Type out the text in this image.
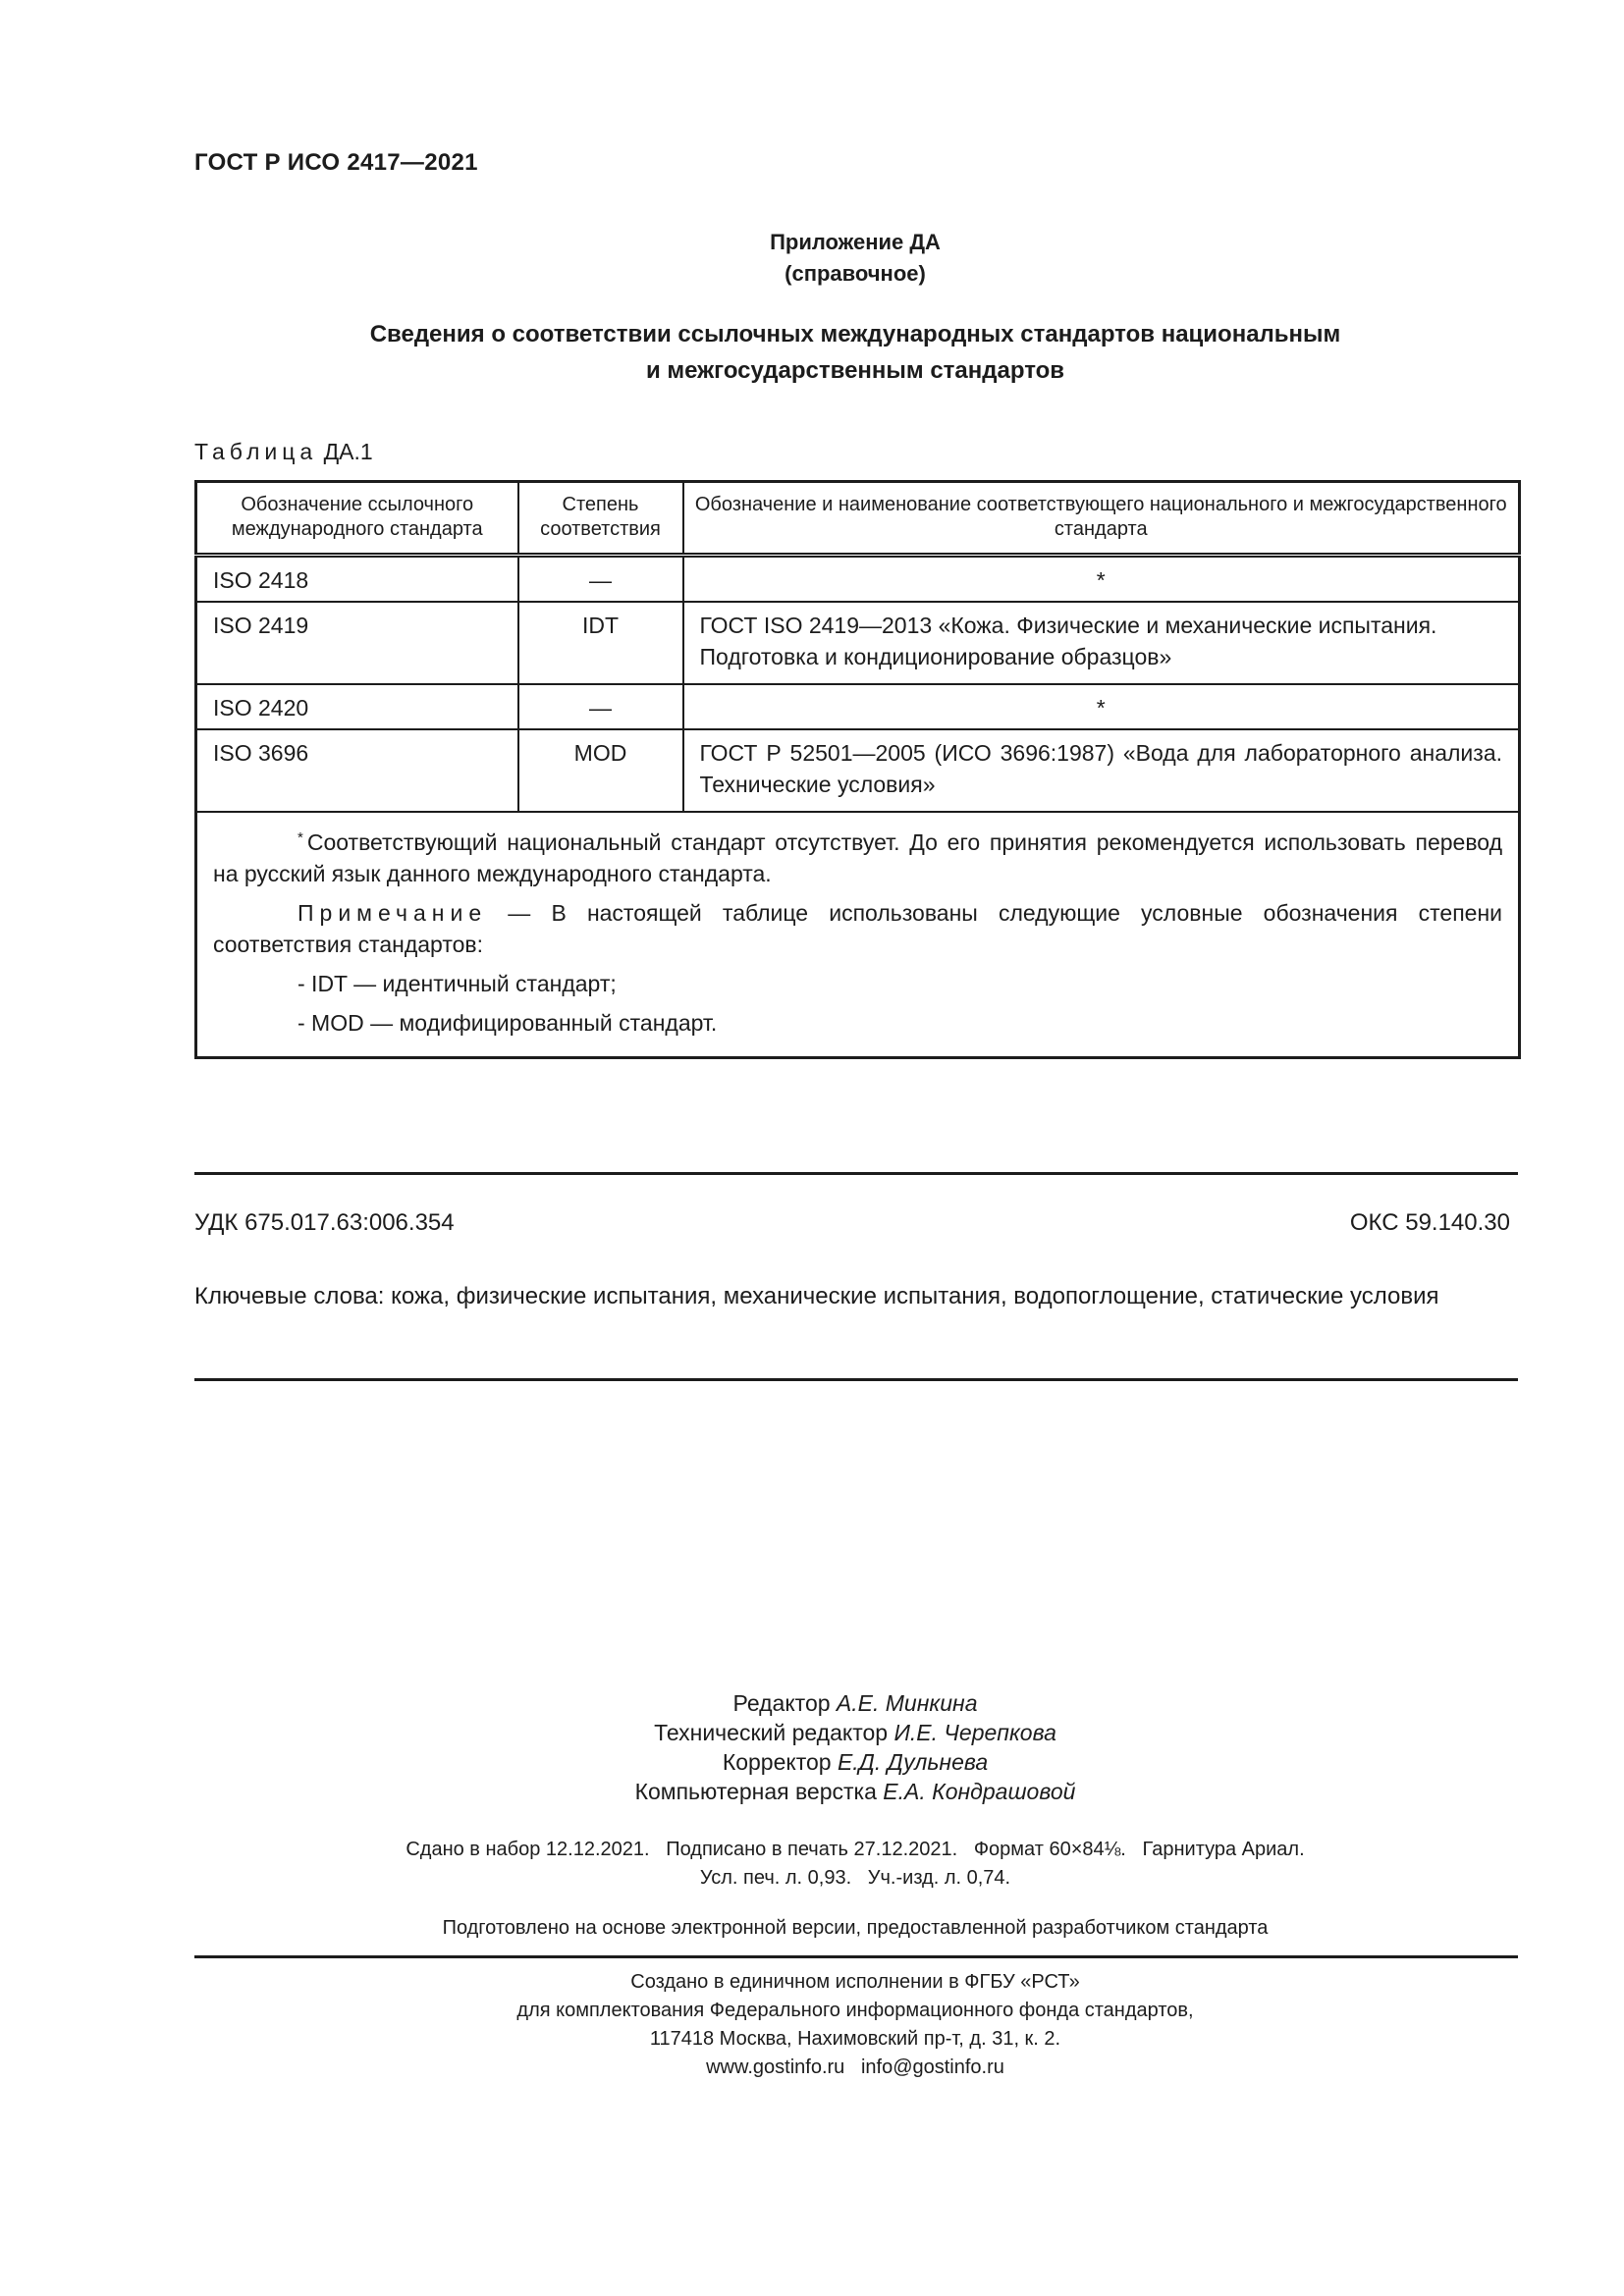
ГОСТ Р ИСО 2417—2021
Приложение ДА
(справочное)
Сведения о соответствии ссылочных международных стандартов национальным
и межгосударственным стандартов
Таблица ДА.1
Обозначение ссылочного международного стандарта	Степень соответствия	Обозначение и наименование соответствующего национального и межгосударственного стандарта
ISO 2418	—	*
ISO 2419	IDT	ГОСТ ISO 2419—2013 «Кожа. Физические и механические испытания. Подготовка и кондиционирование образцов»
ISO 2420	—	*
ISO 3696	MOD	ГОСТ Р 52501—2005 (ИСО 3696:1987) «Вода для лабораторного анализа. Технические условия»

* Соответствующий национальный стандарт отсутствует. До его принятия рекомендуется использовать перевод на русский язык данного международного стандарта.

Примечание — В настоящей таблице использованы следующие условные обозначения степени соответствия стандартов:

- IDT — идентичный стандарт;
- MOD — модифицированный стандарт.		
УДК 675.017.63:006.354	ОКС 59.140.30
Ключевые слова: кожа, физические испытания, механические испытания, водопоглощение, статические условия
Редактор А.Е. Минкина
Технический редактор И.Е. Черепкова
Корректор Е.Д. Дульнева
Компьютерная верстка Е.А. Кондрашовой
Сдано в набор 12.12.2021.   Подписано в печать 27.12.2021.   Формат 60×84⅛.   Гарнитура Ариал.
Усл. печ. л. 0,93.   Уч.-изд. л. 0,74.
Подготовлено на основе электронной версии, предоставленной разработчиком стандарта
Создано в единичном исполнении в ФГБУ «РСТ»
для комплектования Федерального информационного фонда стандартов,
117418 Москва, Нахимовский пр-т, д. 31, к. 2.
www.gostinfo.ru   info@gostinfo.ru
